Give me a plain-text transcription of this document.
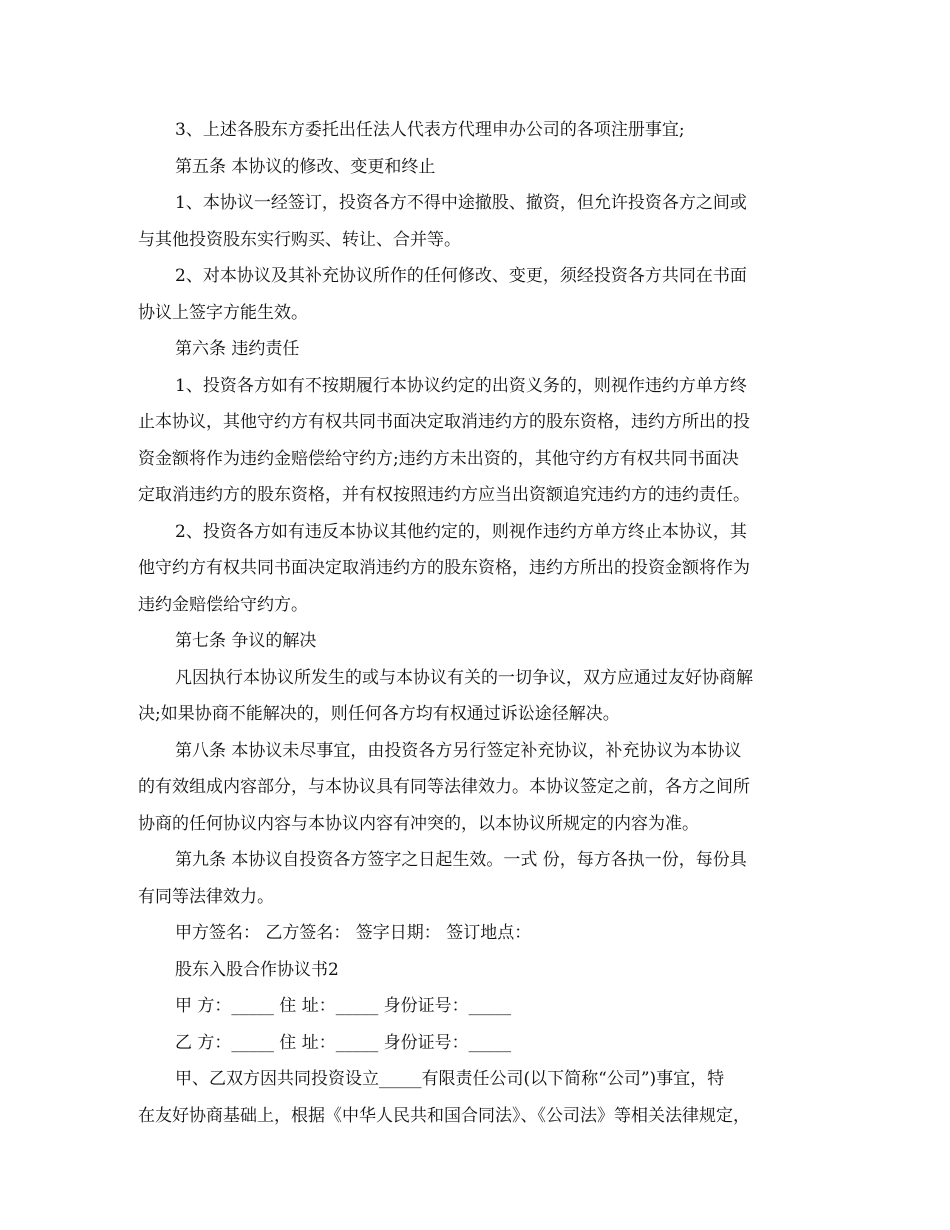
3、上述各股东方委托出任法人代表方代理申办公司的各项注册事宜;
第五条 本协议的修改、变更和终止
1、本协议一经签订，投资各方不得中途撤股、撤资，但允许投资各方之间或
与其他投资股东实行购买、转让、合并等。
2、对本协议及其补充协议所作的任何修改、变更，须经投资各方共同在书面
协议上签字方能生效。
第六条 违约责任
1、投资各方如有不按期履行本协议约定的出资义务的，则视作违约方单方终
止本协议，其他守约方有权共同书面决定取消违约方的股东资格，违约方所出的投
资金额将作为违约金赔偿给守约方;违约方未出资的，其他守约方有权共同书面决
定取消违约方的股东资格，并有权按照违约方应当出资额追究违约方的违约责任。
2、投资各方如有违反本协议其他约定的，则视作违约方单方终止本协议，其
他守约方有权共同书面决定取消违约方的股东资格，违约方所出的投资金额将作为
违约金赔偿给守约方。
第七条 争议的解决
凡因执行本协议所发生的或与本协议有关的一切争议，双方应通过友好协商解
决;如果协商不能解决的，则任何各方均有权通过诉讼途径解决。
第八条 本协议未尽事宜，由投资各方另行签定补充协议，补充协议为本协议
的有效组成内容部分，与本协议具有同等法律效力。本协议签定之前，各方之间所
协商的任何协议内容与本协议内容有冲突的，以本协议所规定的内容为准。
第九条 本协议自投资各方签字之日起生效。一式 份，每方各执一份，每份具
有同等法律效力。
甲方签名： 乙方签名： 签字日期： 签订地点：
股东入股合作协议书2
甲 方：_____ 住 址：_____ 身份证号：_____
乙 方：_____ 住 址：_____ 身份证号：_____
甲、乙双方因共同投资设立_____有限责任公司(以下简称“公司”)事宜，特
在友好协商基础上，根据《中华人民共和国合同法》、《公司法》等相关法律规定，
